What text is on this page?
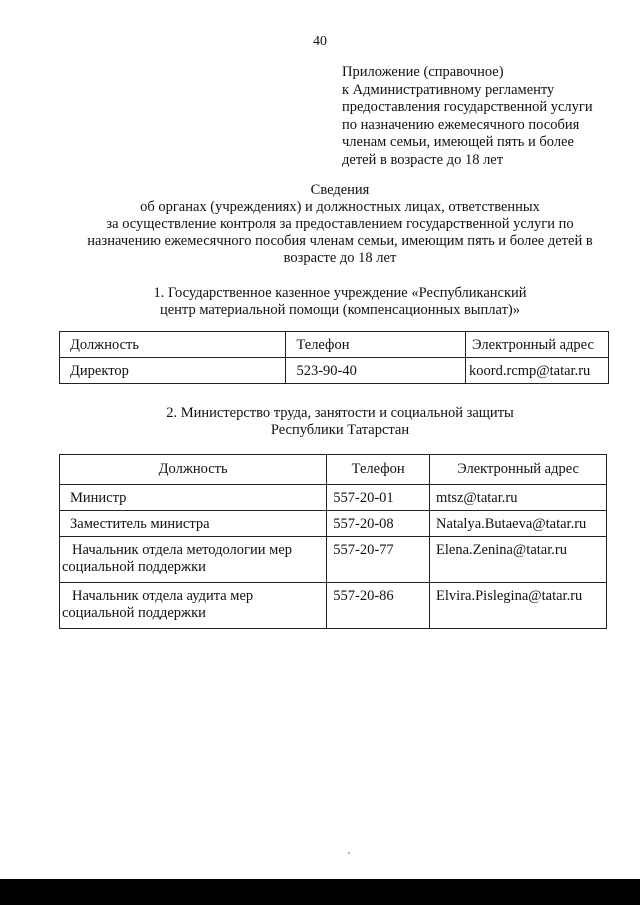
40
Приложение (справочное)
к Административному регламенту
предоставления государственной услуги
по назначению ежемесячного пособия
членам семьи, имеющей пять и более
детей в возрасте до 18 лет
Сведения
об органах (учреждениях) и должностных лицах, ответственных
за осуществление контроля за предоставлением государственной услуги по
назначению ежемесячного пособия членам семьи, имеющим пять и более детей в
возрасте до 18 лет
1. Государственное казенное учреждение «Республиканский
центр материальной помощи (компенсационных выплат)»
Должность	Телефон	Электронный адрес

Директор	523-90-40	koord.rcmp@tatar.ru
2. Министерство труда, занятости и социальной защиты
Республики Татарстан
Должность	Телефон	Электронный адрес

Министр	557-20-01	mtsz@tatar.ru

Заместитель министра	557-20-08	Natalya.Butaeva@tatar.ru

Начальник отдела методологии мер
социальной поддержки	557-20-77	Elena.Zenina@tatar.ru

Начальник отдела аудита мер
социальной поддержки	557-20-86	Elvira.Pislegina@tatar.ru
